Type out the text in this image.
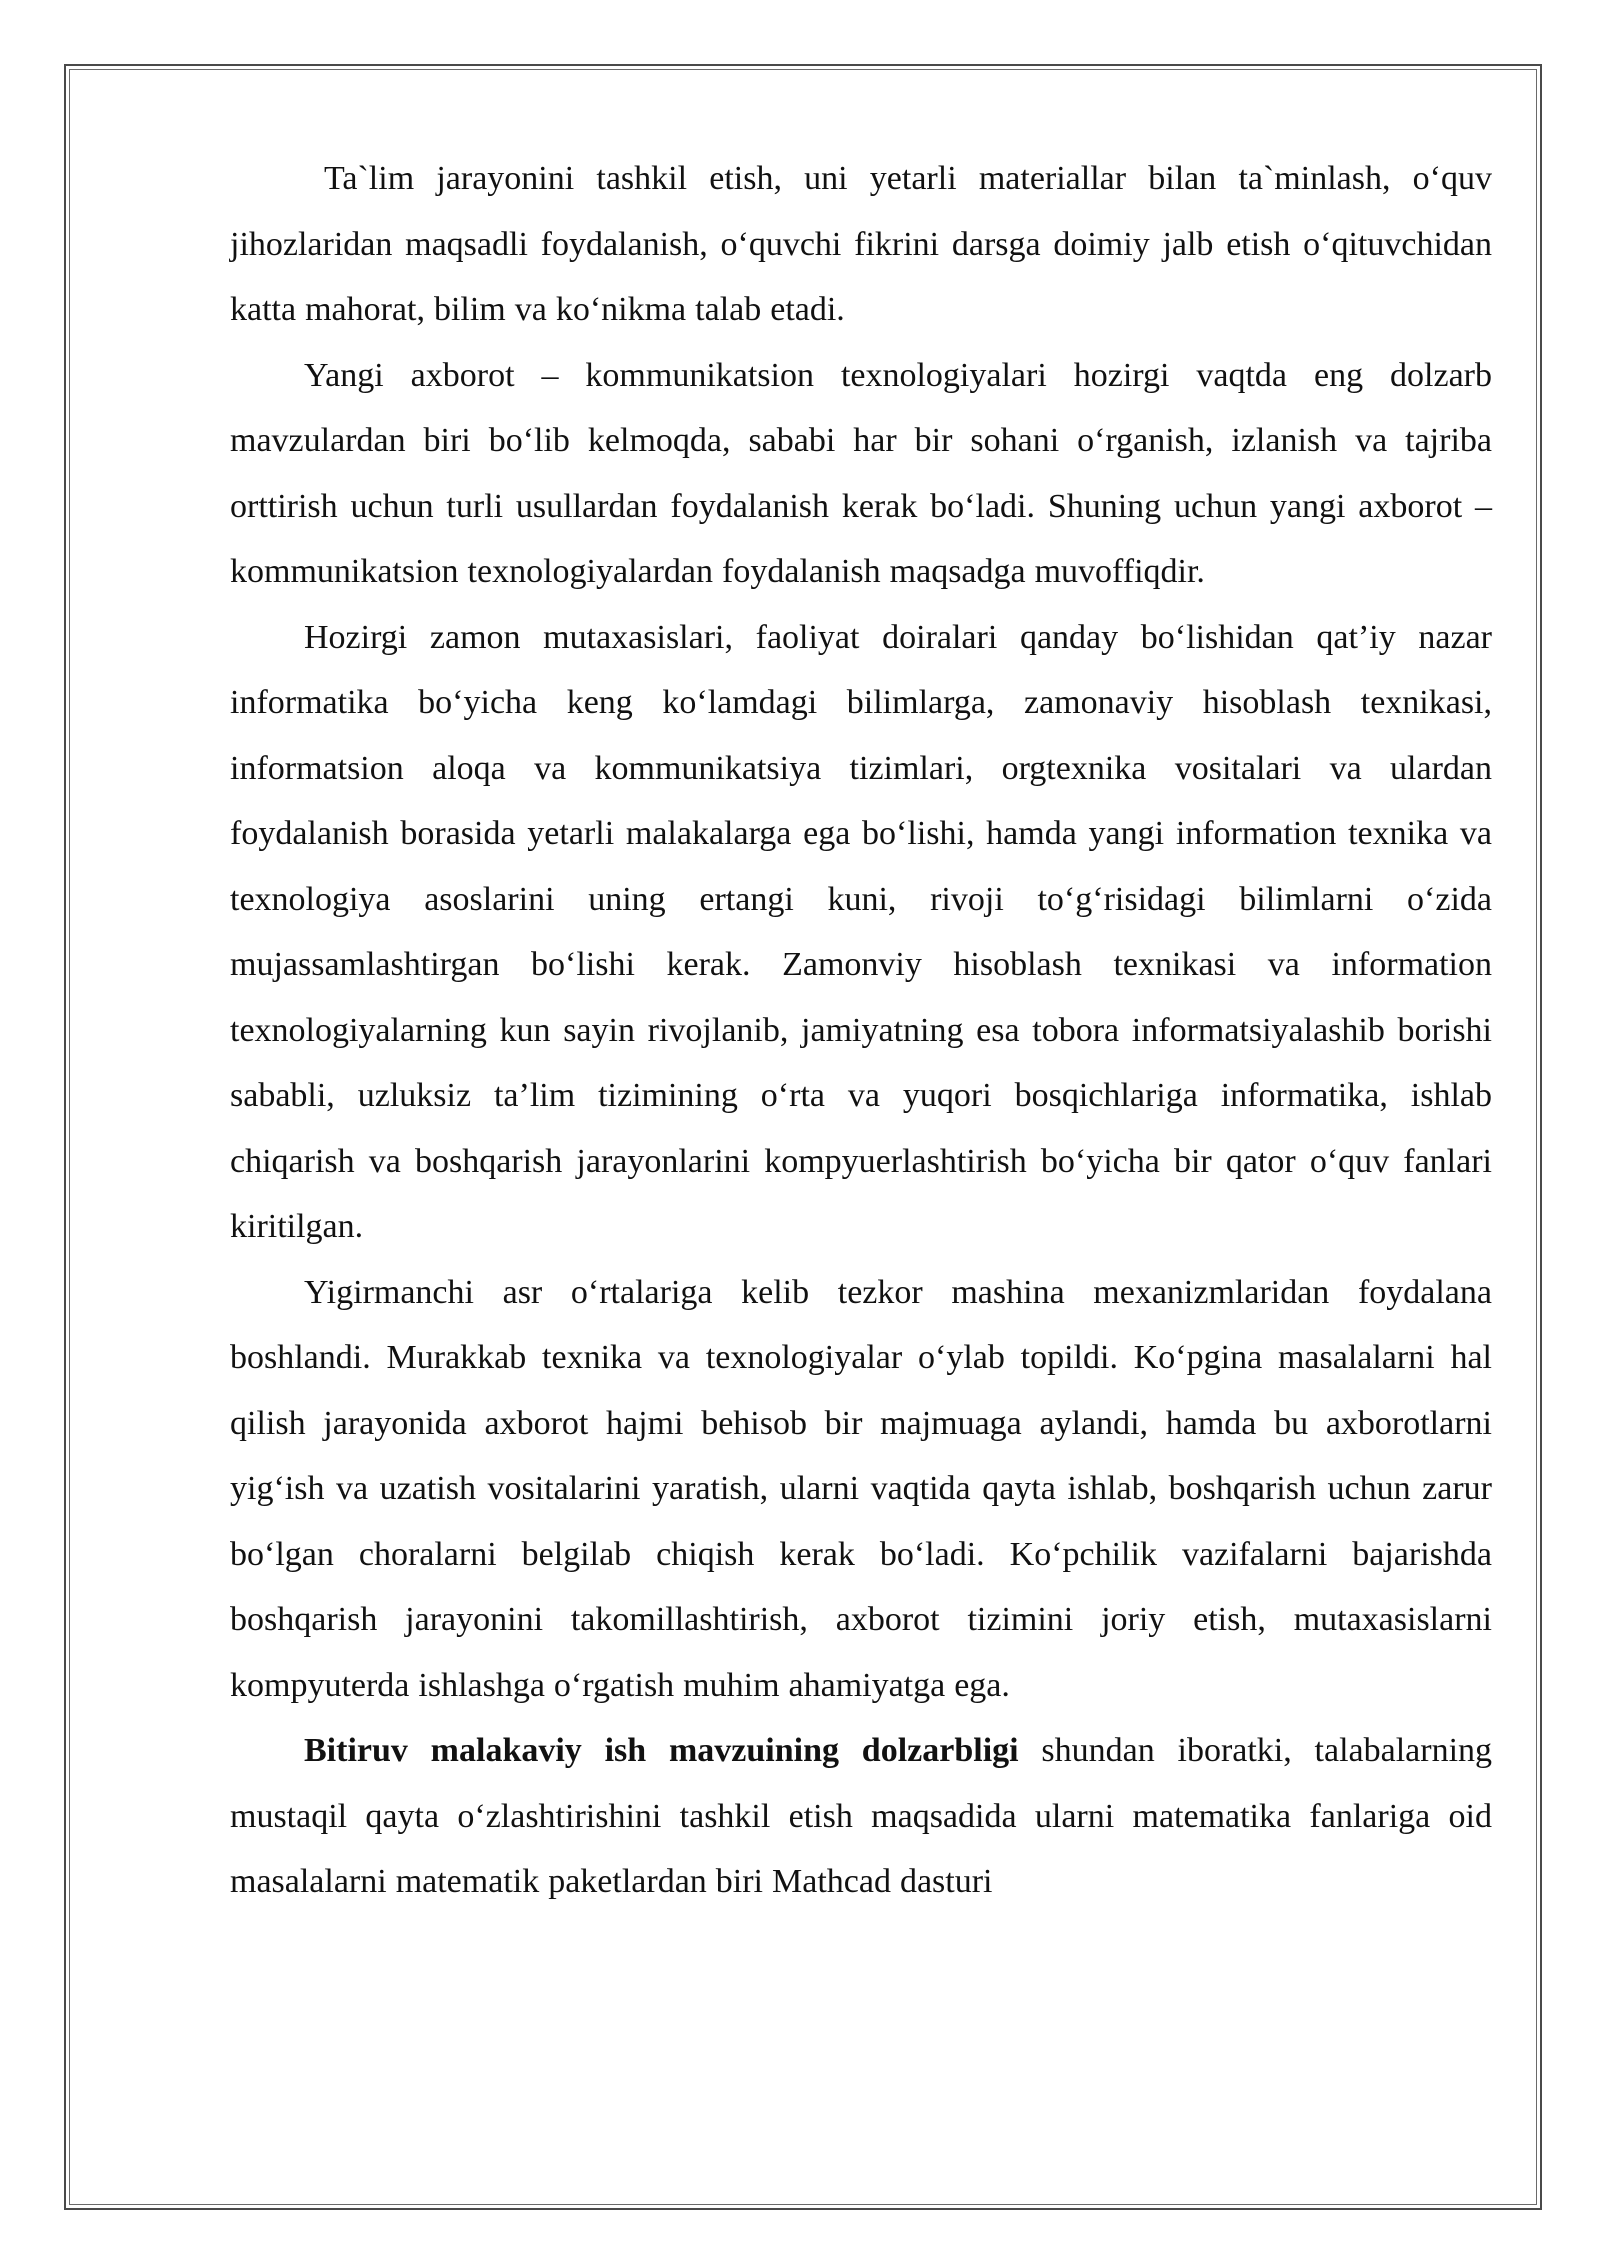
Ta`lim jarayonini tashkil etish, uni yetarli materiallar bilan ta`minlash, o‘quv jihozlaridan maqsadli foydalanish, o‘quvchi fikrini darsga doimiy jalb etish o‘qituvchidan katta mahorat, bilim va ko‘nikma talab etadi.

Yangi axborot – kommunikatsion texnologiyalari hozirgi vaqtda eng dolzarb mavzulardan biri bo‘lib kelmoqda, sababi har bir sohani o‘rganish, izlanish va tajriba orttirish uchun turli usullardan foydalanish kerak bo‘ladi. Shuning uchun yangi axborot – kommunikatsion texnologiyalardan foydalanish maqsadga muvoffiqdir.

Hozirgi zamon mutaxasislari, faoliyat doiralari qanday bo‘lishidan qat’iy nazar informatika bo‘yicha keng ko‘lamdagi bilimlarga, zamonaviy hisoblash texnikasi, informatsion aloqa va kommunikatsiya tizimlari, orgtexnika vositalari va ulardan foydalanish borasida yetarli malakalarga ega bo‘lishi, hamda yangi information texnika va texnologiya asoslarini uning ertangi kuni, rivoji to‘g‘risidagi bilimlarni o‘zida mujassamlashtirgan bo‘lishi kerak. Zamonviy hisoblash texnikasi va information texnologiyalarning kun sayin rivojlanib, jamiyatning esa tobora informatsiyalashib borishi sababli, uzluksiz ta’lim tizimining o‘rta va yuqori bosqichlariga informatika, ishlab chiqarish va boshqarish jarayonlarini kompyuerlashtirish bo‘yicha bir qator o‘quv fanlari kiritilgan.

Yigirmanchi asr o‘rtalariga kelib tezkor mashina mexanizmlaridan foydalana boshlandi. Murakkab texnika va texnologiyalar o‘ylab topildi. Ko‘pgina masalalarni hal qilish jarayonida axborot hajmi behisob bir majmuaga aylandi, hamda bu axborotlarni yig‘ish va uzatish vositalarini yaratish, ularni vaqtida qayta ishlab, boshqarish uchun zarur bo‘lgan choralarni belgilab chiqish kerak bo‘ladi. Ko‘pchilik vazifalarni bajarishda boshqarish jarayonini takomillashtirish, axborot tizimini joriy etish, mutaxasislarni kompyuterda ishlashga o‘rgatish muhim ahamiyatga ega.

Bitiruv malakaviy ish mavzuining dolzarbligi shundan iboratki, talabalarning mustaqil qayta o‘zlashtirishini tashkil etish maqsadida ularni matematika fanlariga oid masalalarni matematik paketlardan biri Mathcad dasturi
